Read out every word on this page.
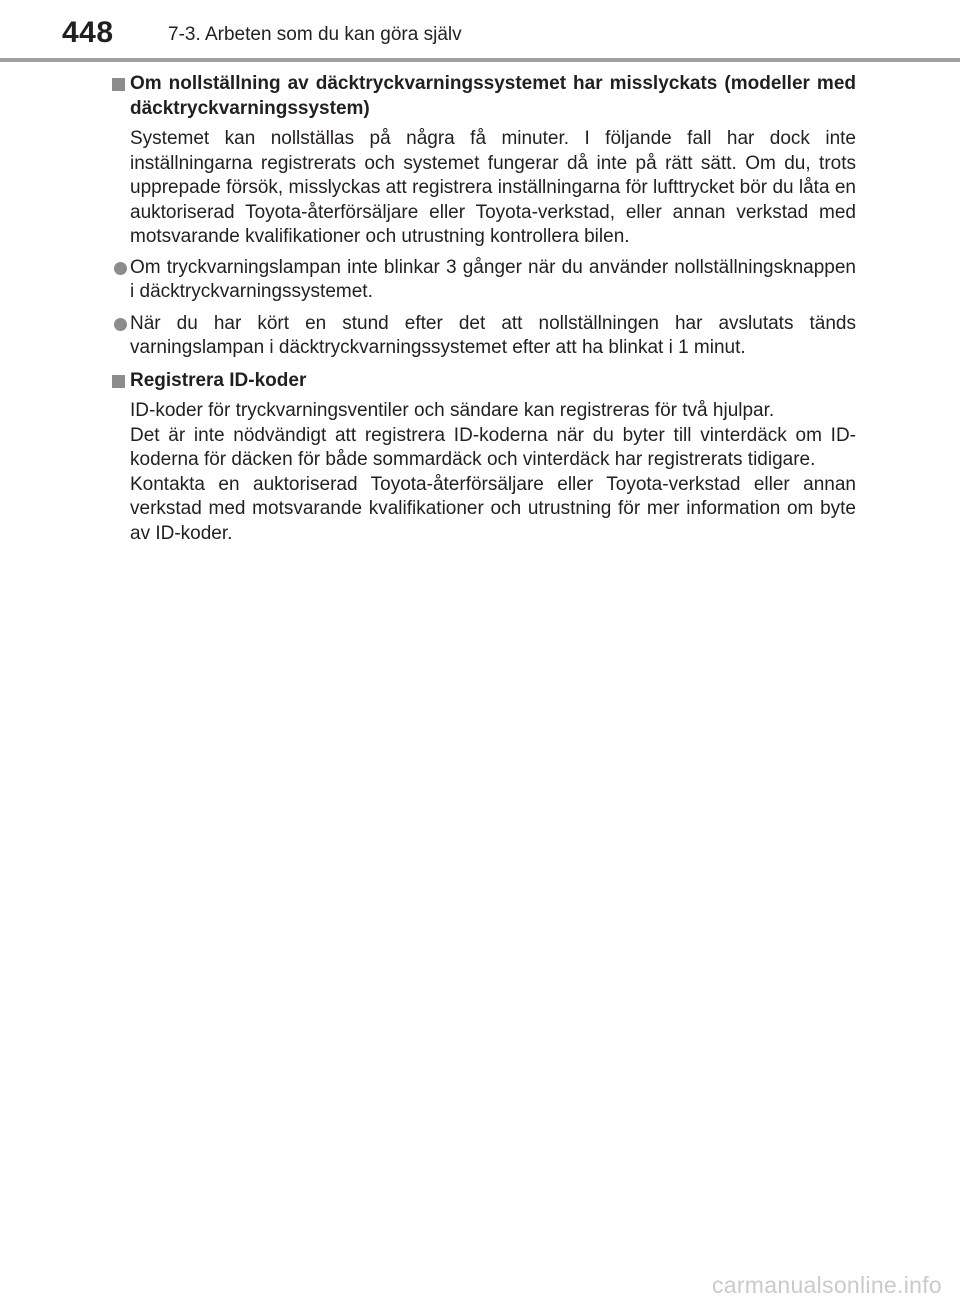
448	7-3. Arbeten som du kan göra själv
Om nollställning av däcktryckvarningssystemet har misslyckats (modeller med däcktryckvarningssystem)
Systemet kan nollställas på några få minuter. I följande fall har dock inte inställningarna registrerats och systemet fungerar då inte på rätt sätt. Om du, trots upprepade försök, misslyckas att registrera inställningarna för lufttrycket bör du låta en auktoriserad Toyota-återförsäljare eller Toyota-verkstad, eller annan verkstad med motsvarande kvalifikationer och utrustning kontrollera bilen.
Om tryckvarningslampan inte blinkar 3 gånger när du använder nollställningsknappen i däcktryckvarningssystemet.
När du har kört en stund efter det att nollställningen har avslutats tänds varningslampan i däcktryckvarningssystemet efter att ha blinkat i 1 minut.
Registrera ID-koder
ID-koder för tryckvarningsventiler och sändare kan registreras för två hjulpar.
Det är inte nödvändigt att registrera ID-koderna när du byter till vinterdäck om ID-koderna för däcken för både sommardäck och vinterdäck har registrerats tidigare.
Kontakta en auktoriserad Toyota-återförsäljare eller Toyota-verkstad eller annan verkstad med motsvarande kvalifikationer och utrustning för mer information om byte av ID-koder.
carmanualsonline.info
